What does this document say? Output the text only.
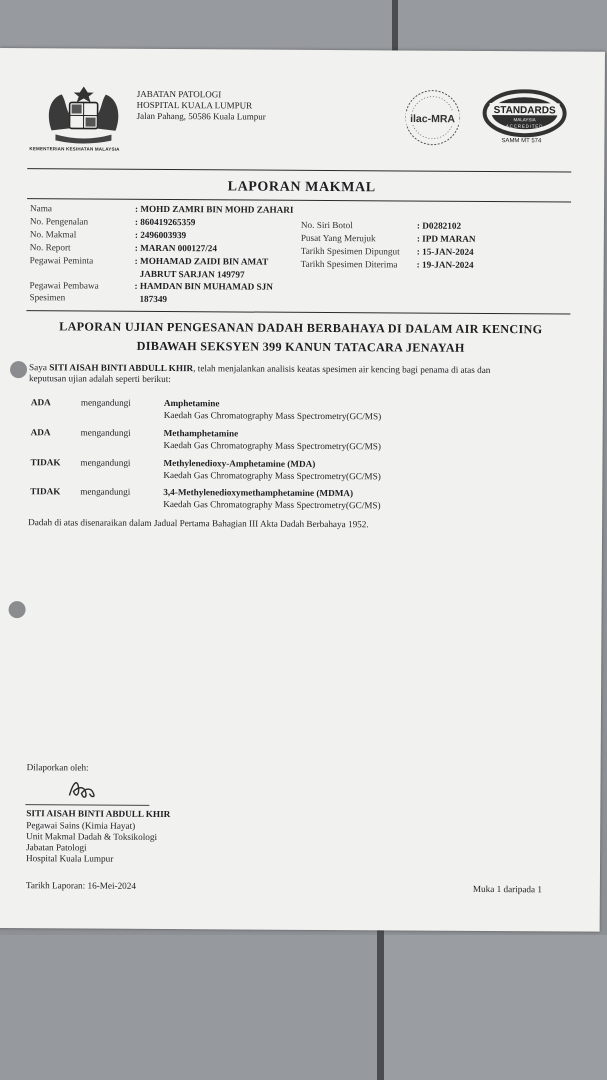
KEMENTERIAN KESIHATAN MALAYSIA
JABATAN PATOLOGI
HOSPITAL KUALA LUMPUR
Jalan Pahang, 50586 Kuala Lumpur	ilac-MRA
STANDARDS
MALAYSIA
ACCREDITED
SAMM MT 574
LAPORAN MAKMAL
Nama	: MOHD ZAMRI BIN MOHD ZAHARI
No. Pengenalan	: 860419265359
No. Makmal	: 2496003939
No. Report	: MARAN 000127/24
Pegawai Peminta	: MOHAMAD ZAIDI BIN AMAT
JABRUT SARJAN 149797
Pegawai Pembawa
Spesimen
: HAMDAN BIN MUHAMAD SJN
187349
No. Siri Botol	: D0282102
Pusat Yang Merujuk	: IPD MARAN
Tarikh Spesimen Dipungut : 15-JAN-2024
Tarikh Spesimen Diterima : 19-JAN-2024
LAPORAN UJIAN PENGESANAN DADAH BERBAHAYA DI DALAM AIR KENCING
DIBAWAH SEKSYEN 399 KANUN TATACARA JENAYAH
Saya SITI AISAH BINTI ABDULL KHIR, telah menjalankan analisis keatas spesimen air kencing bagi penama di atas dan
keputusan ujian adalah seperti berikut:
ADA	mengandungi	Amphetamine
Kaedah Gas Chromatography Mass Spectrometry(GC/MS)
ADA	mengandungi	Methamphetamine
Kaedah Gas Chromatography Mass Spectrometry(GC/MS)
TIDAK mengandungi	Methylenedioxy-Amphetamine (MDA)
Kaedah Gas Chromatography Mass Spectrometry(GC/MS)
TIDAK mengandungi	3,4-Methylenedioxymethamphetamine (MDMA)
Kaedah Gas Chromatography Mass Spectrometry(GC/MS)
Dadah di atas disenaraikan dalam Jadual Pertama Bahagian III Akta Dadah Berbahaya 1952.
Dilaporkan oleh:
SITI AISAH BINTI ABDULL KHIR
Pegawai Sains (Kimia Hayat)
Unit Makmal Dadah & Toksikologi
Jabatan Patologi
Hospital Kuala Lumpur
Tarikh Laporan: 16-Mei-2024	Muka 1 daripada 1
